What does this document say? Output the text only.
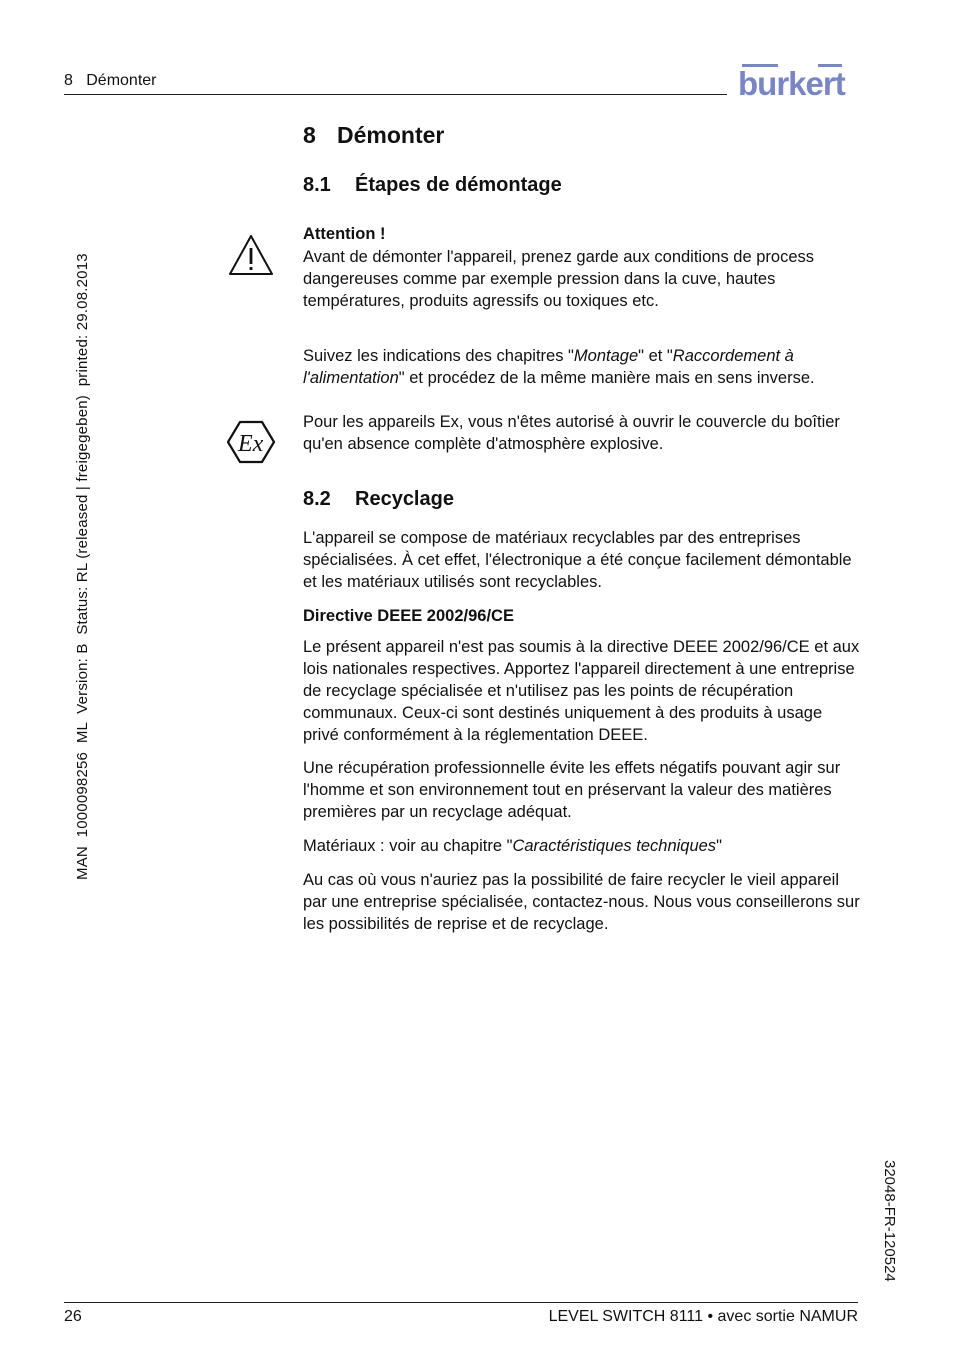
8   Démonter	burkert
MAN  1000098256  ML  Version: B  Status: RL (released | freigegeben)  printed: 29.08.2013
32048-FR-120524
8 Démonter
8.1 Étapes de démontage

Attention !

Avant de démonter l'appareil, prenez garde aux conditions de process dangereuses comme par exemple pression dans la cuve, hautes températures, produits agressifs ou toxiques etc.

Suivez les indications des chapitres "Montage" et "Raccordement à l'alimentation" et procédez de la même manière mais en sens inverse.

Ex

Pour les appareils Ex, vous n'êtes autorisé à ouvrir le couvercle du boîtier qu'en absence complète d'atmosphère explosive.

8.2 Recyclage

L'appareil se compose de matériaux recyclables par des entreprises spécialisées. À cet effet, l'électronique a été conçue facilement démontable et les matériaux utilisés sont recyclables.

Directive DEEE 2002/96/CE

Le présent appareil n'est pas soumis à la directive DEEE 2002/96/CE et aux lois nationales respectives. Apportez l'appareil directement à une entreprise de recyclage spécialisée et n'utilisez pas les points de récupération communaux. Ceux-ci sont destinés uniquement à des produits à usage privé conformément à la réglementation DEEE.

Une récupération professionnelle évite les effets négatifs pouvant agir sur l'homme et son environnement tout en préservant la valeur des matières premières par un recyclage adéquat.

Matériaux : voir au chapitre "Caractéristiques techniques"

Au cas où vous n'auriez pas la possibilité de faire recycler le vieil appareil par une entreprise spécialisée, contactez-nous. Nous vous conseillerons sur les possibilités de reprise et de recyclage.

26	LEVEL SWITCH 8111 • avec sortie NAMUR
